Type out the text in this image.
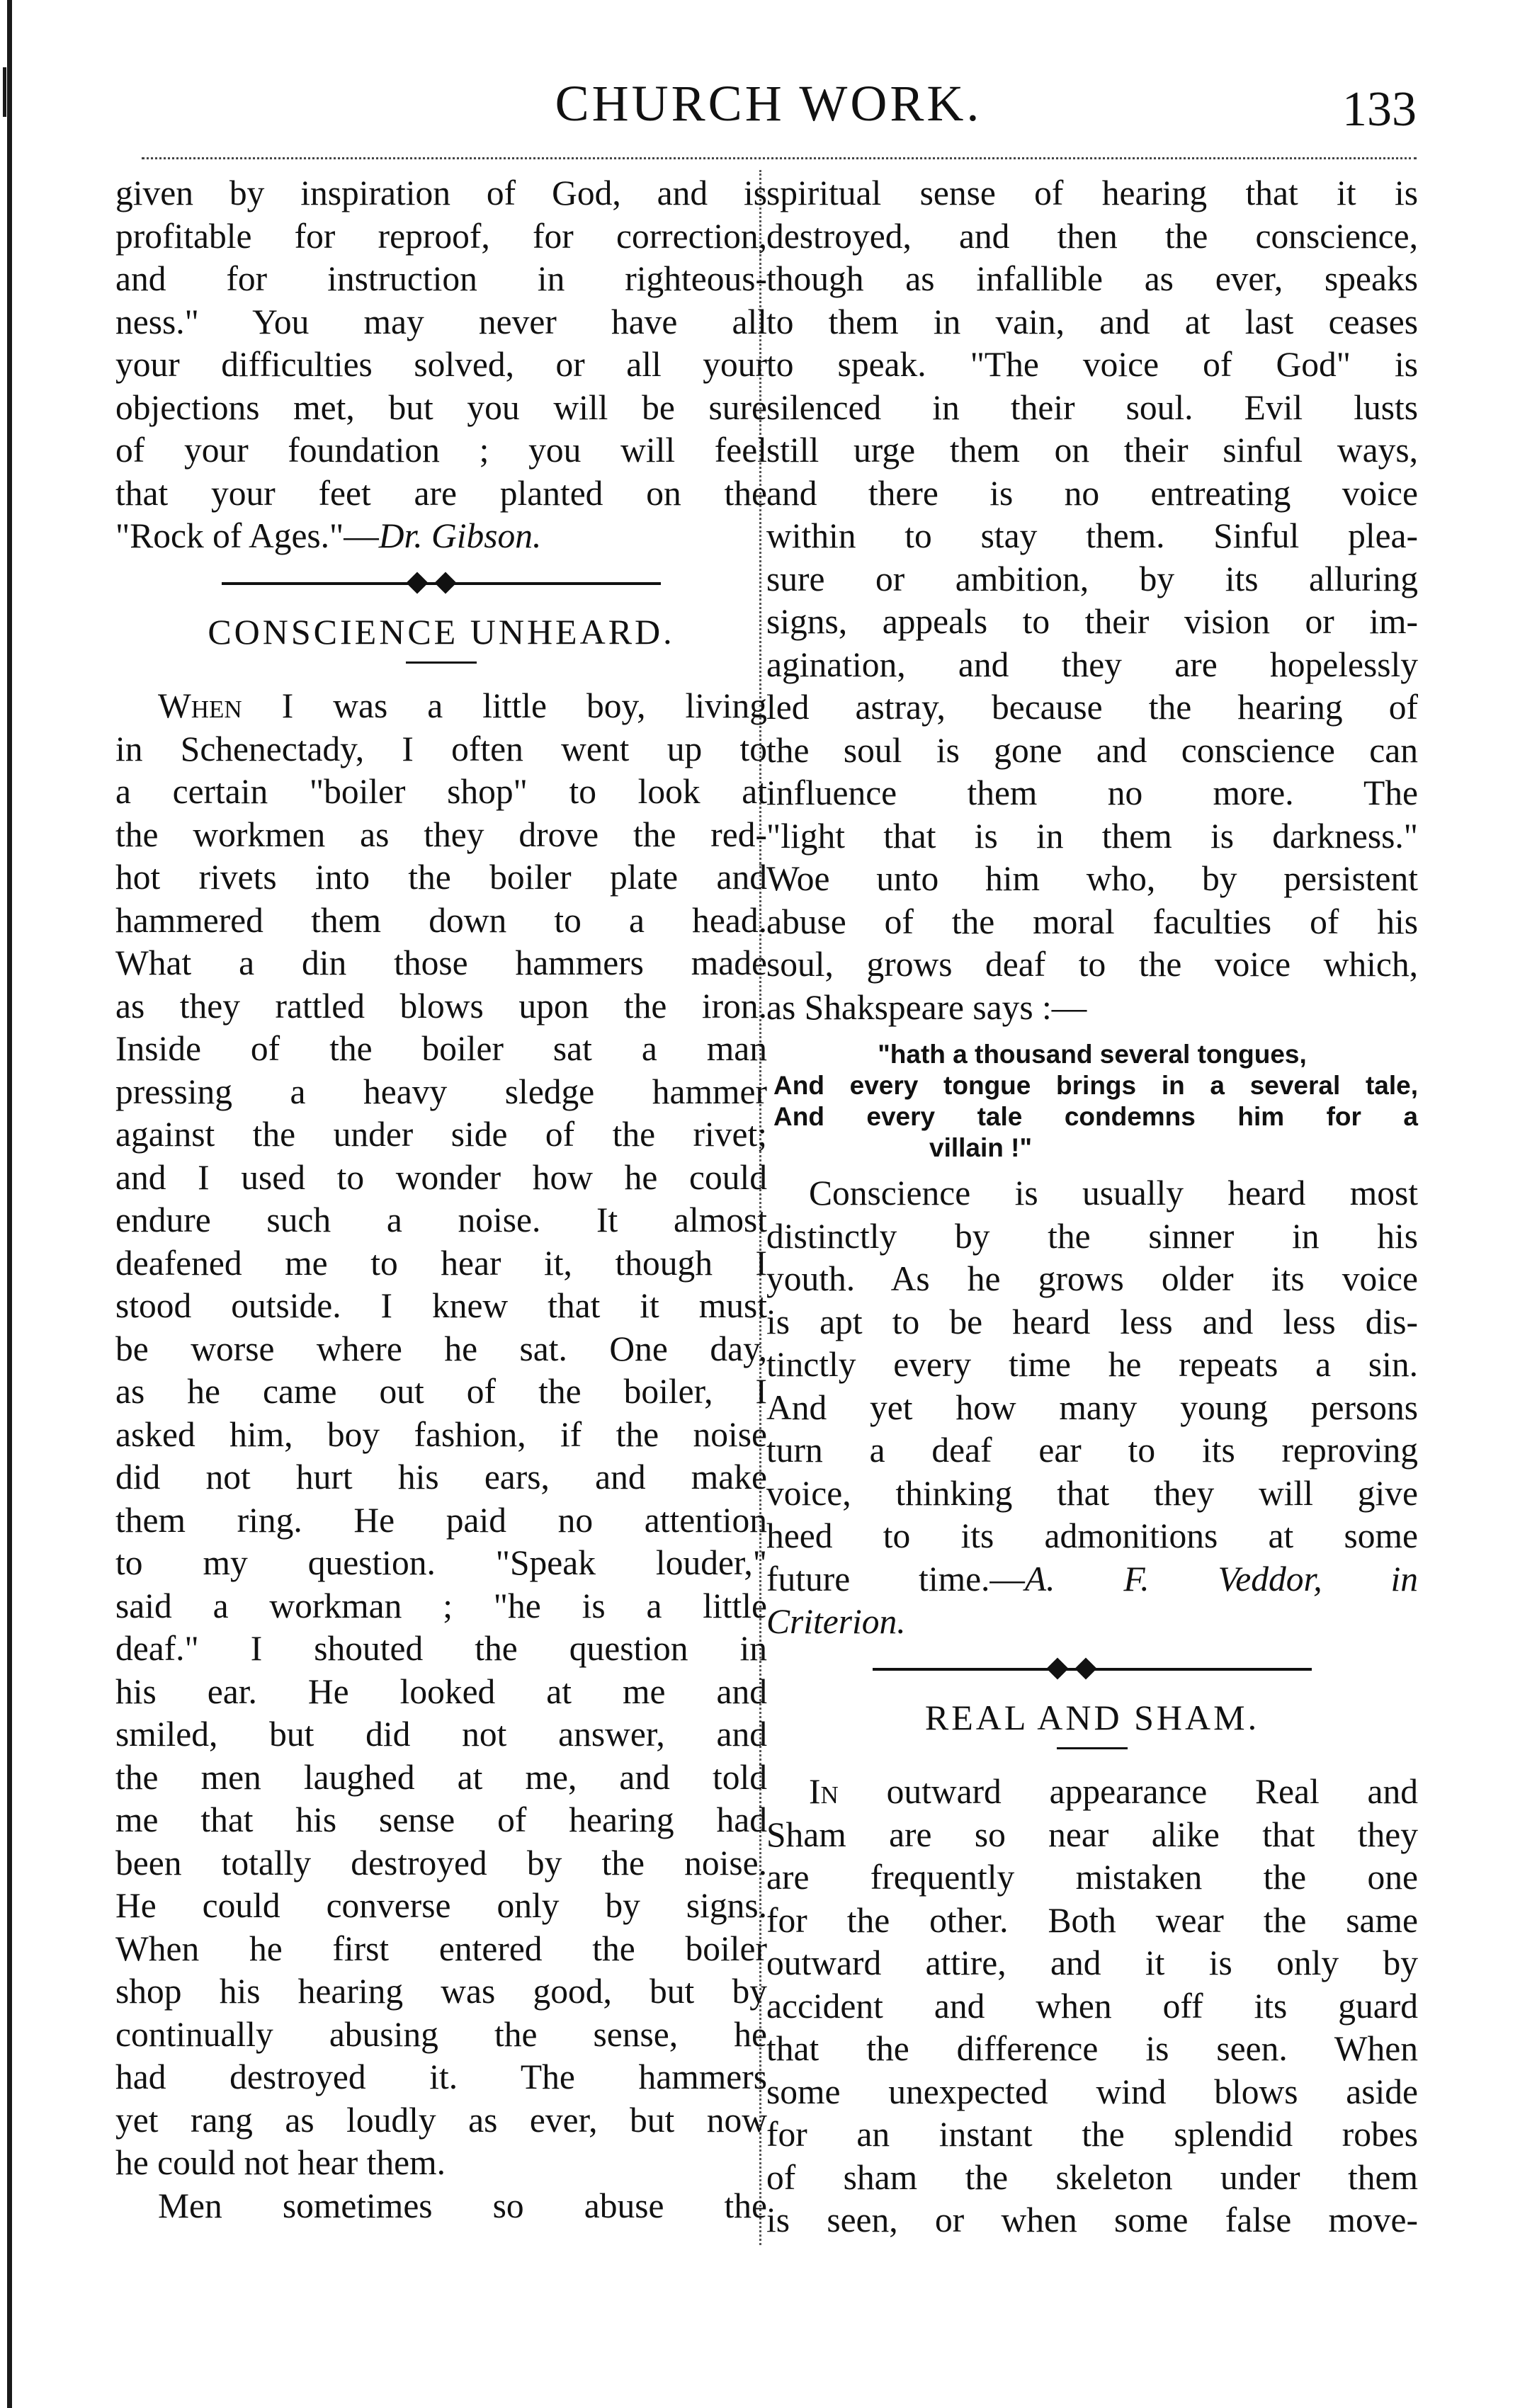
CHURCH WORK.	133

given by inspiration of God, and is

profitable for reproof, for correction,

and for instruction in righteous-

ness." You may never have all

your difficulties solved, or all your

objections met, but you will be sure

of your foundation ; you will feel

that your feet are planted on the

"Rock of Ages."—Dr. Gibson.

CONSCIENCE UNHEARD.

When I was a little boy, living

in Schenectady, I often went up to

a certain "boiler shop" to look at

the workmen as they drove the red-

hot rivets into the boiler plate and

hammered them down to a head.

What a din those hammers made

as they rattled blows upon the iron.

Inside of the boiler sat a man

pressing a heavy sledge hammer

against the under side of the rivet;

and I used to wonder how he could

endure such a noise. It almost

deafened me to hear it, though I

stood outside. I knew that it must

be worse where he sat. One day,

as he came out of the boiler, I

asked him, boy fashion, if the noise

did not hurt his ears, and make

them ring. He paid no attention

to my question. "Speak louder,"

said a workman ; "he is a little

deaf." I shouted the question in

his ear. He looked at me and

smiled, but did not answer, and

the men laughed at me, and told

me that his sense of hearing had

been totally destroyed by the noise.

He could converse only by signs.

When he first entered the boiler

shop his hearing was good, but by

continually abusing the sense, he

had destroyed it. The hammers

yet rang as loudly as ever, but now

he could not hear them.

Men sometimes so abuse the

spiritual sense of hearing that it is

destroyed, and then the conscience,

though as infallible as ever, speaks

to them in vain, and at last ceases

to speak. "The voice of God" is

silenced in their soul. Evil lusts

still urge them on their sinful ways,

and there is no entreating voice

within to stay them. Sinful plea-

sure or ambition, by its alluring

signs, appeals to their vision or im-

agination, and they are hopelessly

led astray, because the hearing of

the soul is gone and conscience can

influence them no more. The

"light that is in them is darkness."

Woe unto him who, by persistent

abuse of the moral faculties of his

soul, grows deaf to the voice which,

as Shakspeare says :—

"hath a thousand several tongues,
And every tongue brings in a several tale,
And every tale condemns him for a
villain !"

Conscience is usually heard most

distinctly by the sinner in his

youth. As he grows older its voice

is apt to be heard less and less dis-

tinctly every time he repeats a sin.

And yet how many young persons

turn a deaf ear to its reproving

voice, thinking that they will give

heed to its admonitions at some

future time.—A. F. Veddor, in

Criterion.

REAL AND SHAM.

In outward appearance Real and

Sham are so near alike that they

are frequently mistaken the one

for the other. Both wear the same

outward attire, and it is only by

accident and when off its guard

that the difference is seen. When

some unexpected wind blows aside

for an instant the splendid robes

of sham the skeleton under them

is seen, or when some false move-
